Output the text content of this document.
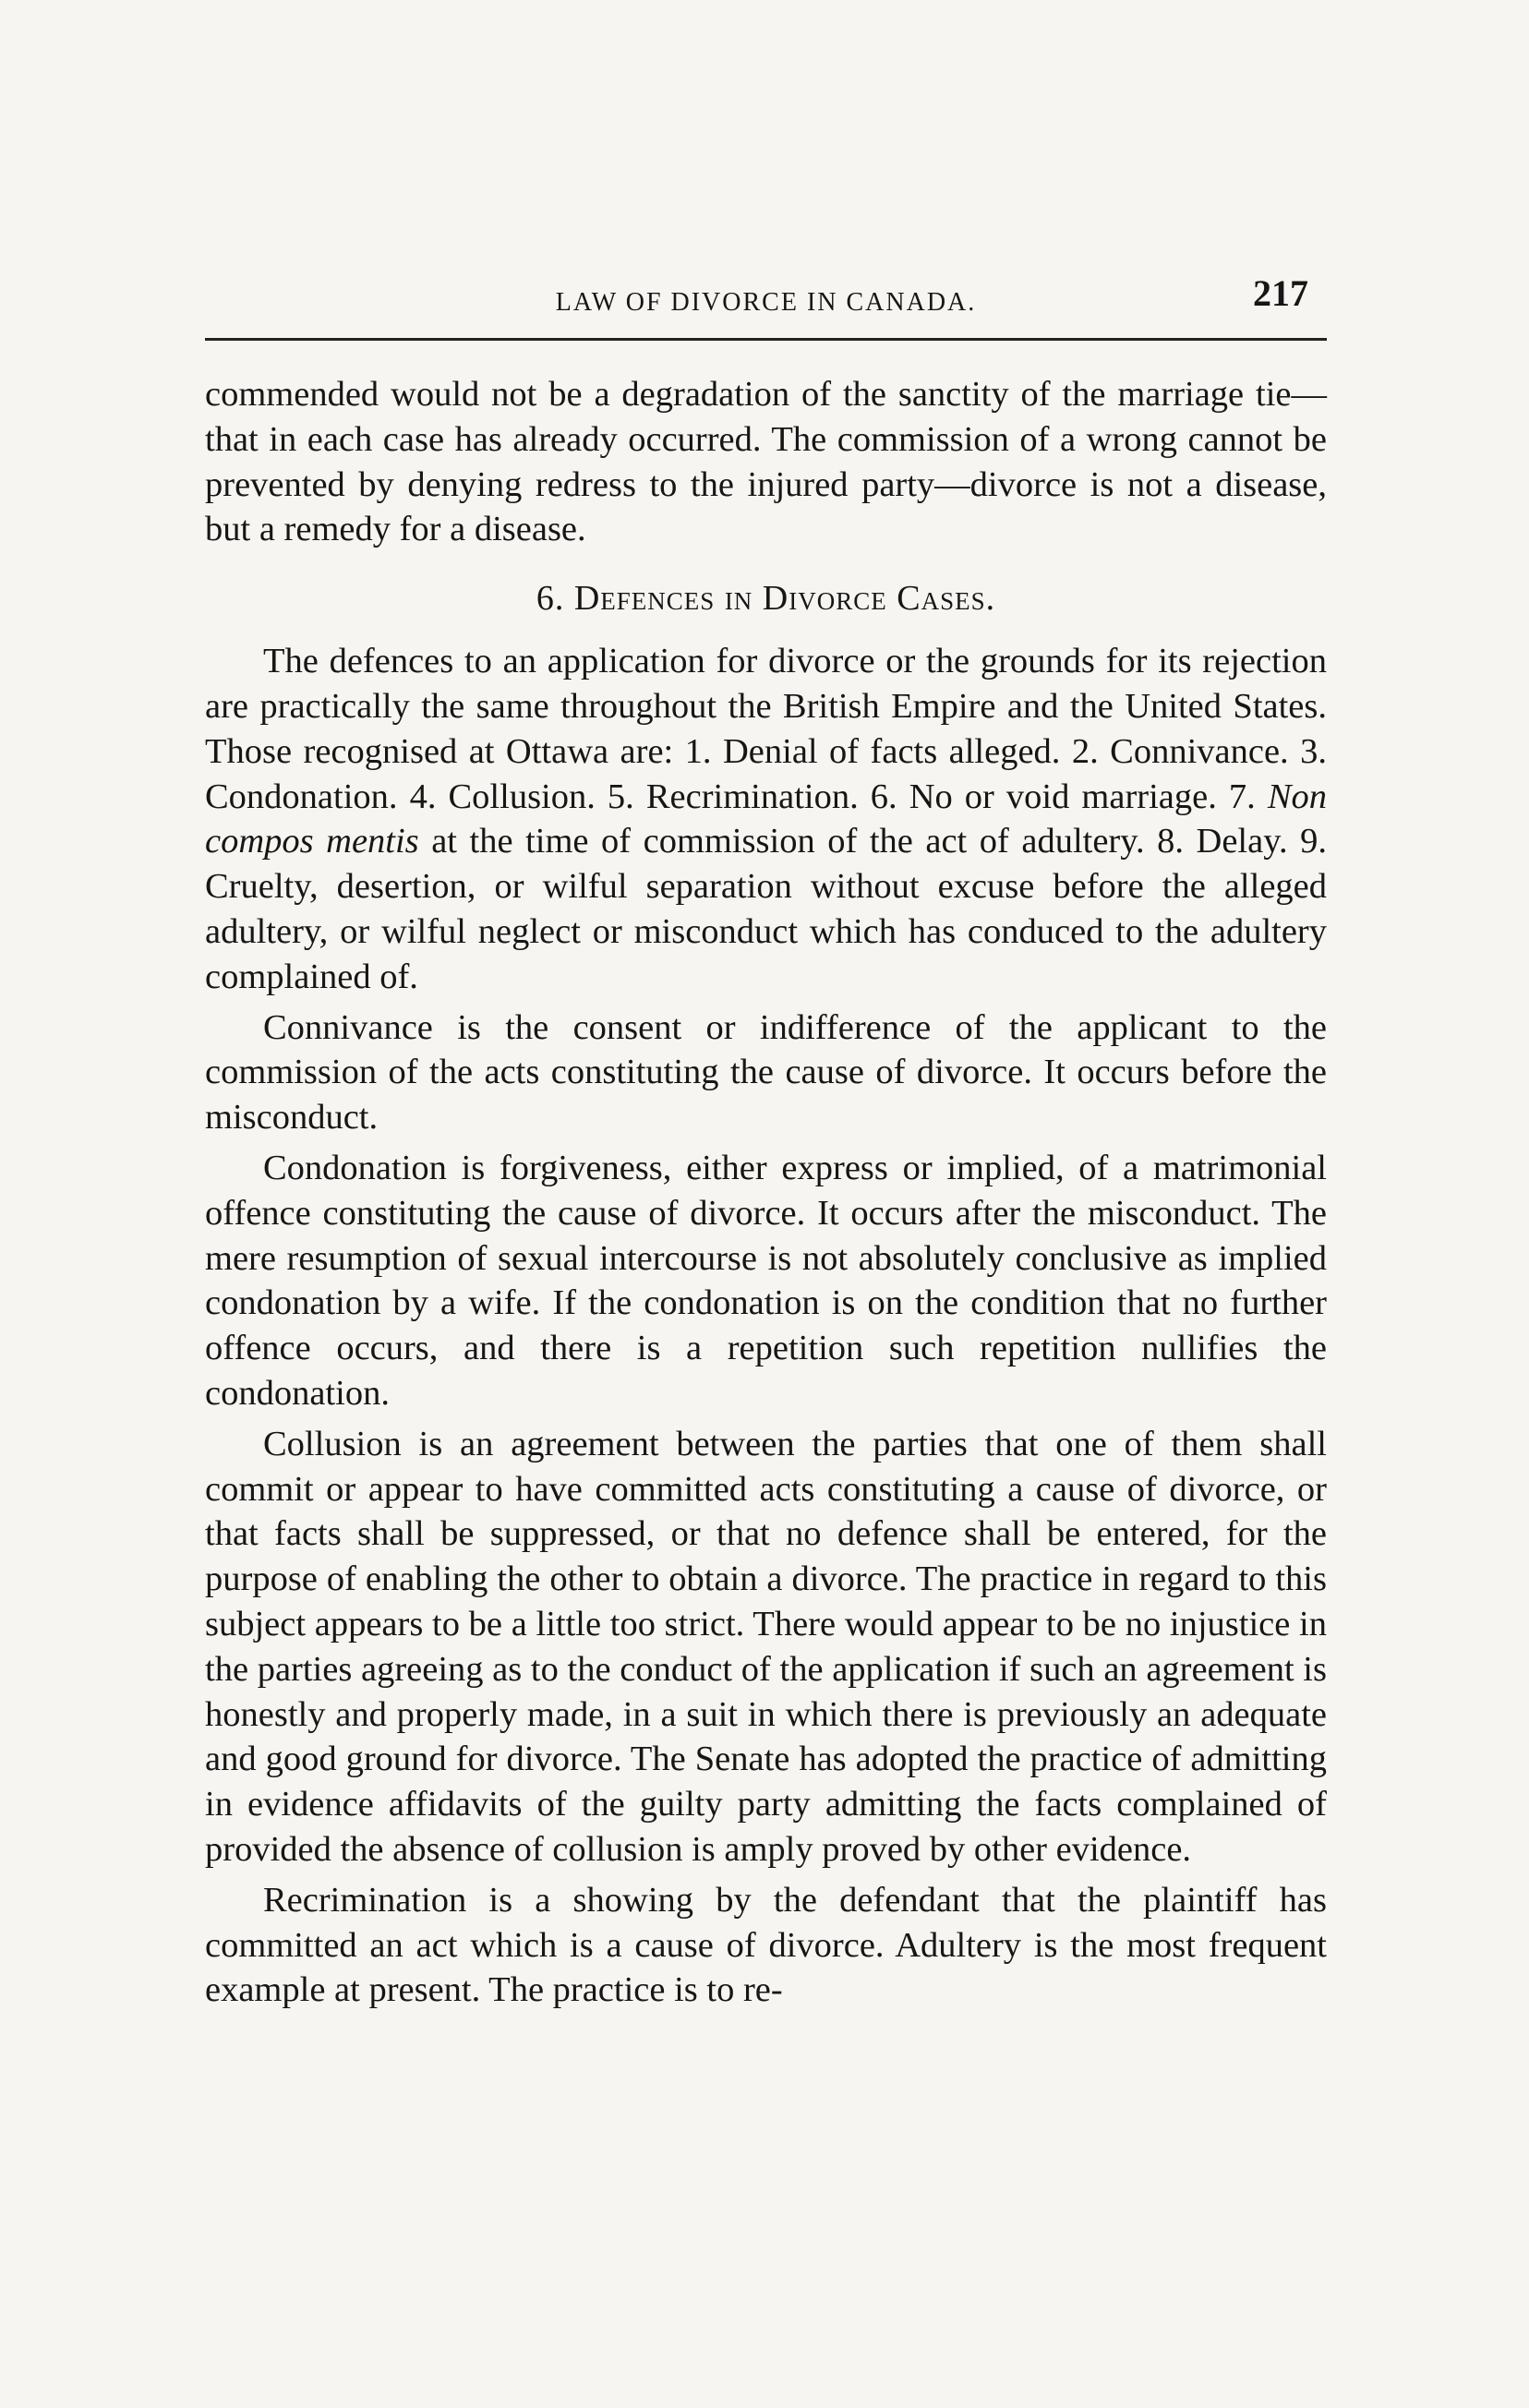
LAW OF DIVORCE IN CANADA.	217

commended would not be a degradation of the sanctity of the marriage tie—that in each case has already occurred. The commission of a wrong cannot be prevented by denying redress to the injured party—divorce is not a disease, but a remedy for a disease.

6. Defences in Divorce Cases.

The defences to an application for divorce or the grounds for its rejection are practically the same throughout the British Empire and the United States. Those recognised at Ottawa are: 1. Denial of facts alleged. 2. Connivance. 3. Condonation. 4. Collusion. 5. Recrimination. 6. No or void marriage. 7. Non compos mentis at the time of commission of the act of adultery. 8. Delay. 9. Cruelty, desertion, or wilful separation without excuse before the alleged adultery, or wilful neglect or misconduct which has conduced to the adultery complained of.

Connivance is the consent or indifference of the applicant to the commission of the acts constituting the cause of divorce. It occurs before the misconduct.

Condonation is forgiveness, either express or implied, of a matrimonial offence constituting the cause of divorce. It occurs after the misconduct. The mere resumption of sexual intercourse is not absolutely conclusive as implied condonation by a wife. If the condonation is on the condition that no further offence occurs, and there is a repetition such repetition nullifies the condonation.

Collusion is an agreement between the parties that one of them shall commit or appear to have committed acts constituting a cause of divorce, or that facts shall be suppressed, or that no defence shall be entered, for the purpose of enabling the other to obtain a divorce. The practice in regard to this subject appears to be a little too strict. There would appear to be no injustice in the parties agreeing as to the conduct of the application if such an agreement is honestly and properly made, in a suit in which there is previously an adequate and good ground for divorce. The Senate has adopted the practice of admitting in evidence affidavits of the guilty party admitting the facts complained of provided the absence of collusion is amply proved by other evidence.

Recrimination is a showing by the defendant that the plaintiff has committed an act which is a cause of divorce. Adultery is the most frequent example at present. The practice is to re-
